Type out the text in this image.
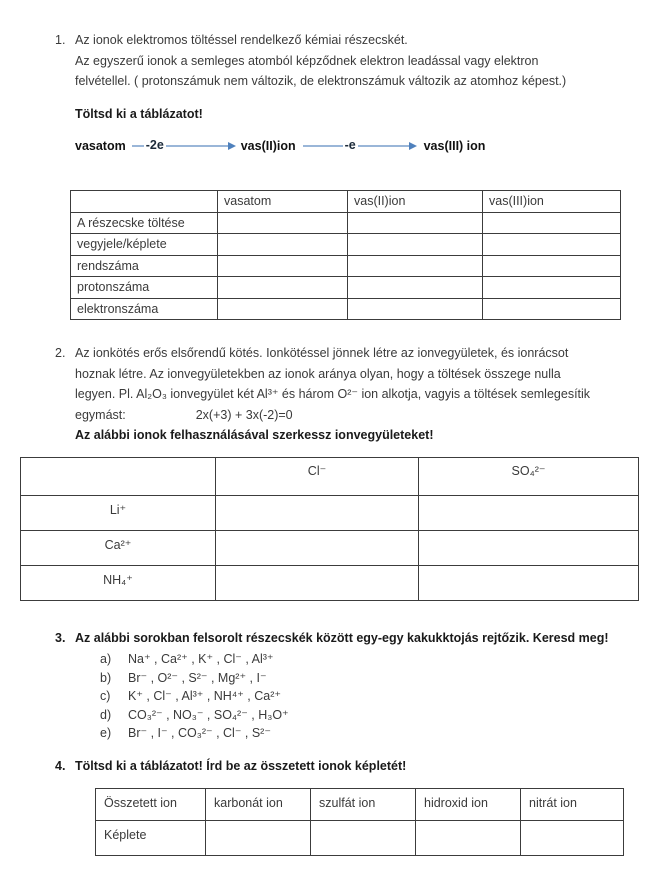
1. Az ionok elektromos töltéssel rendelkező kémiai részecskét.
Az egyszerű ionok a semleges atomból képződnek elektron leadással vagy elektron
felvétellel. ( protonszámuk nem változik, de elektronszámuk változik az atomhoz képest.)
Töltsd ki a táblázatot!
vasatom -2e	vas(II)ion	-e	vas(III) ion
	vasatom	vas(II)ion	vas(III)ion
A részecske töltése			
vegyjele/képlete			
rendszáma			
protonszáma			
elektronszáma			
2. Az ionkötés erős elsőrendű kötés. Ionkötéssel jönnek létre az ionvegyületek, és ionrácsot
hoznak létre. Az ionvegyületekben az ionok aránya olyan, hogy a töltések összege nulla
legyen. Pl. Al₂O₃ ionvegyület két Al³⁺ és három O²⁻ ion alkotja, vagyis a töltések semlegesítik
egymást:	2x(+3) + 3x(-2)=0
Az alábbi ionok felhasználásával szerkessz ionvegyületeket!
	Cl⁻	SO₄²⁻
Li⁺		
Ca²⁺		
NH₄⁺		
3. Az alábbi sorokban felsorolt részecskék között egy-egy kakukktojás rejtőzik. Keresd meg!
a)	Na⁺ , Ca²⁺ , K⁺ , Cl⁻ , Al³⁺
b)	Br⁻ , O²⁻ , S²⁻ , Mg²⁺ , I⁻
c)	K⁺ , Cl⁻ , Al³⁺ , NH⁴⁺ , Ca²⁺
d)	CO₃²⁻ , NO₃⁻ , SO₄²⁻ , H₃O⁺
e)	Br⁻ , I⁻ , CO₃²⁻ , Cl⁻ , S²⁻
4. Töltsd ki a táblázatot! Írd be az összetett ionok képletét!
Összetett ion	karbonát ion	szulfát ion	hidroxid ion	nitrát ion
Képlete				
